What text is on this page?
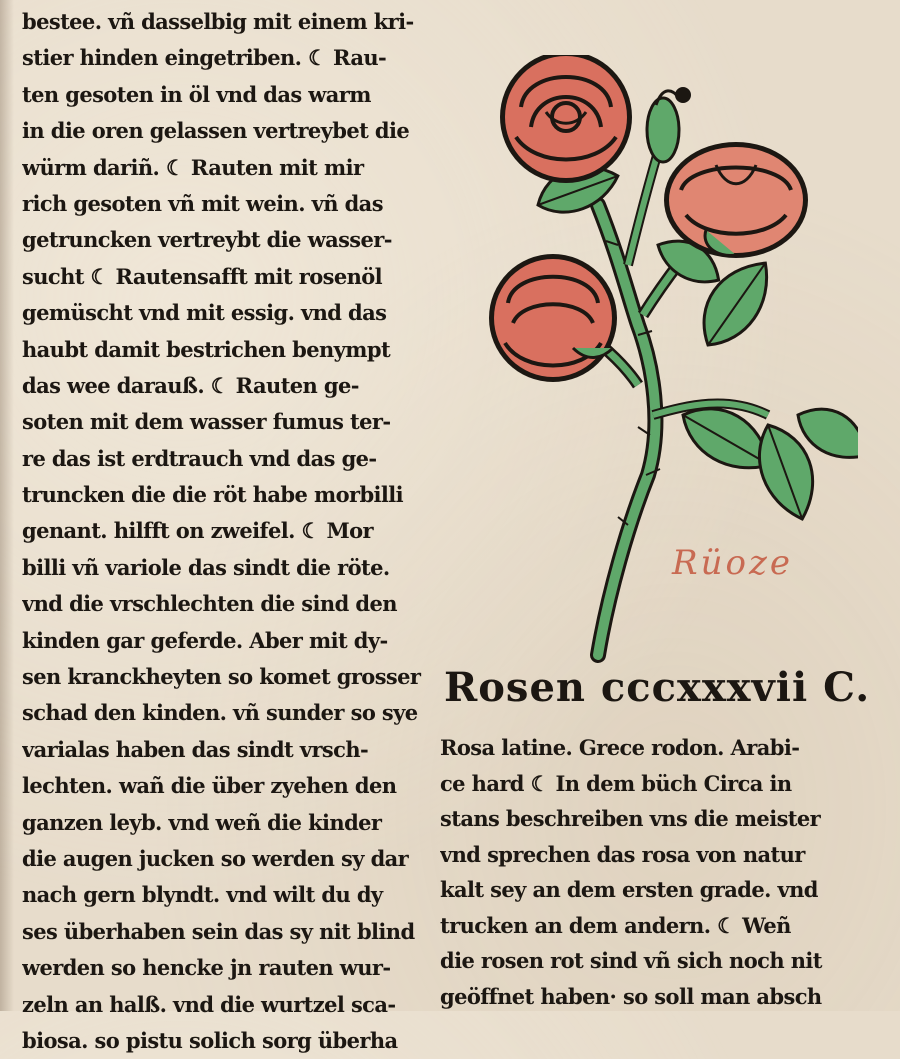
bestee. vñ dasselbig mit einem kri-
stier hinden eingetriben. ☾ Rau-
ten gesoten in öl vnd das warm
in die oren gelassen vertreybet die
würm dariñ. ☾ Rauten mit mir
rich gesoten vñ mit wein. vñ das
getruncken vertreybt die wasser-
sucht ☾ Rautensafft mit rosenöl
gemüscht vnd mit essig. vnd das
haubt damit bestrichen benympt
das wee darauß. ☾ Rauten ge-
soten mit dem wasser fumus ter-
re das ist erdtrauch vnd das ge-
truncken die die röt habe morbilli
genant. hilfft on zweifel. ☾ Mor
billi vñ variole das sindt die röte.
vnd die vrschlechten die sind den
kinden gar geferde. Aber mit dy-
sen kranckheyten so komet grosser
schad den kinden. vñ sunder so sye
varialas haben das sindt vrsch-
lechten. wañ die über zyehen den
ganzen leyb. vnd weñ die kinder
die augen jucken so werden sy dar
nach gern blyndt. vnd wilt du dy
ses überhaben sein das sy nit blind
werden so hencke jn rauten wur-
zeln an halß. vnd die wurtzel sca-
biosa. so pistu solich sorg überha
Rüoze
Rosen cccxxxvii C.
Rosa latine. Grece rodon. Arabi-
ce hard ☾ In dem büch Circa in
stans beschreiben vns die meister
vnd sprechen das rosa von natur
kalt sey an dem ersten grade. vnd
trucken an dem andern. ☾ Weñ
die rosen rot sind vñ sich noch nit
geöffnet haben· so soll man absch
